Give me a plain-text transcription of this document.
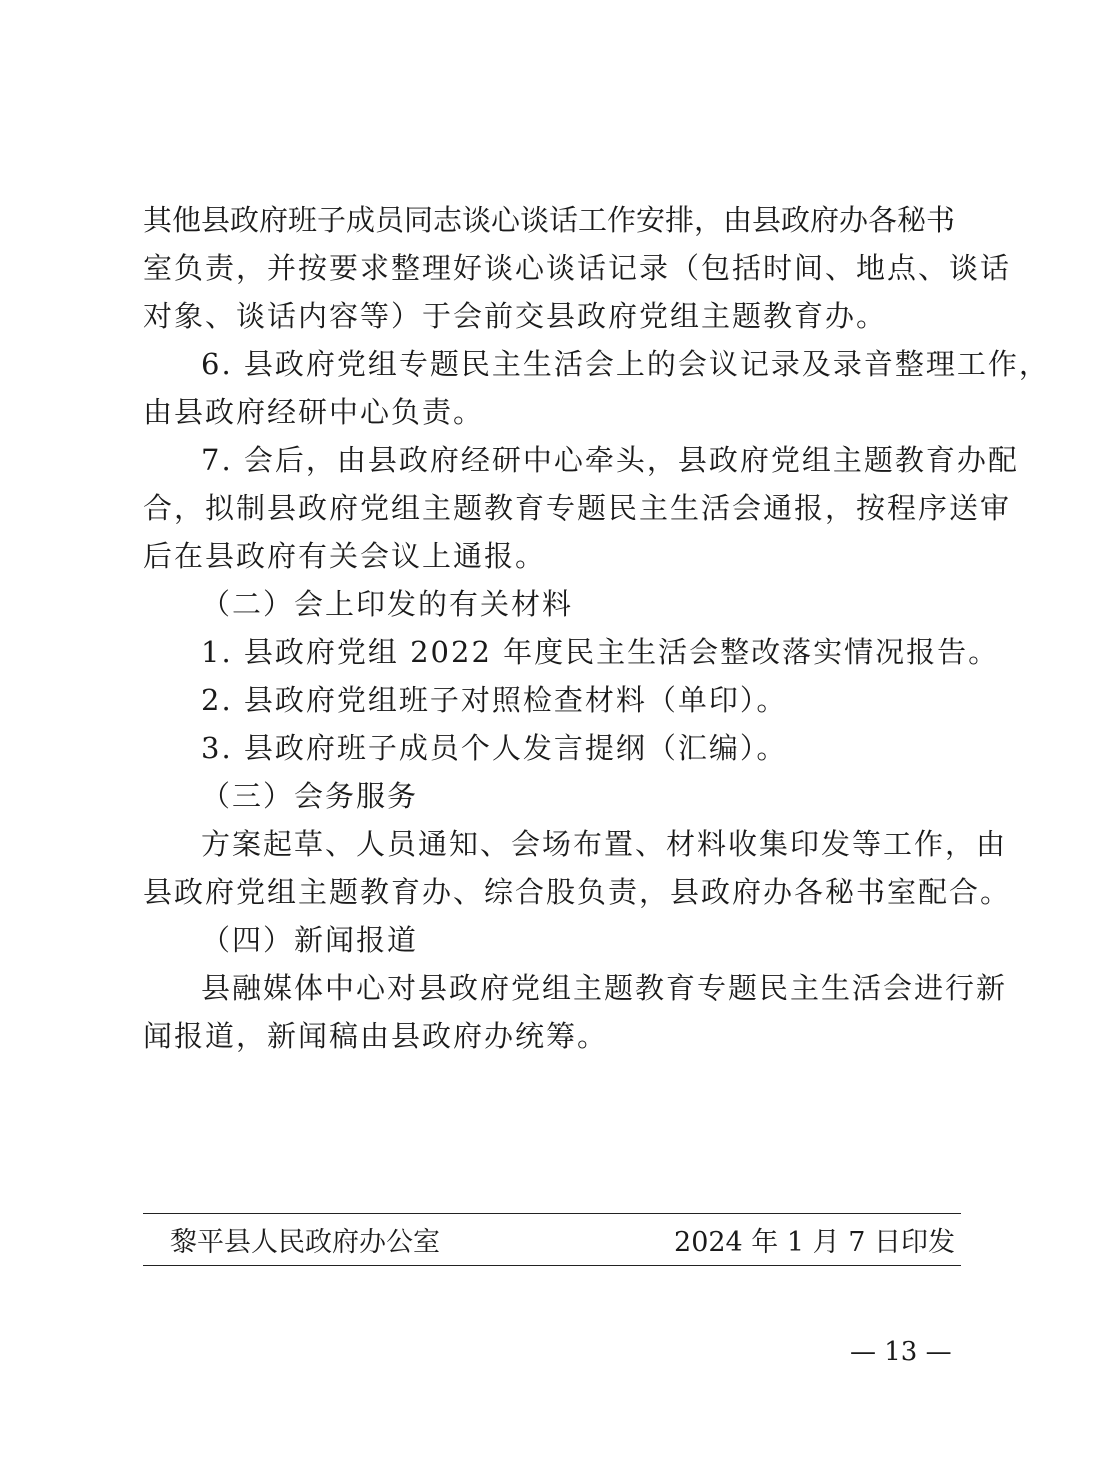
其他县政府班子成员同志谈心谈话工作安排，由县政府办各秘书
室负责，并按要求整理好谈心谈话记录（包括时间、地点、谈话
对象、谈话内容等）于会前交县政府党组主题教育办。
6. 县政府党组专题民主生活会上的会议记录及录音整理工作，
由县政府经研中心负责。
7. 会后，由县政府经研中心牵头，县政府党组主题教育办配
合，拟制县政府党组主题教育专题民主生活会通报，按程序送审
后在县政府有关会议上通报。
（二）会上印发的有关材料
1. 县政府党组 2022 年度民主生活会整改落实情况报告。
2. 县政府党组班子对照检查材料（单印）。
3. 县政府班子成员个人发言提纲（汇编）。
（三）会务服务
方案起草、人员通知、会场布置、材料收集印发等工作，由
县政府党组主题教育办、综合股负责，县政府办各秘书室配合。
（四）新闻报道
县融媒体中心对县政府党组主题教育专题民主生活会进行新
闻报道，新闻稿由县政府办统筹。
黎平县人民政府办公室	2024 年 1 月 7 日印发
— 13 —
